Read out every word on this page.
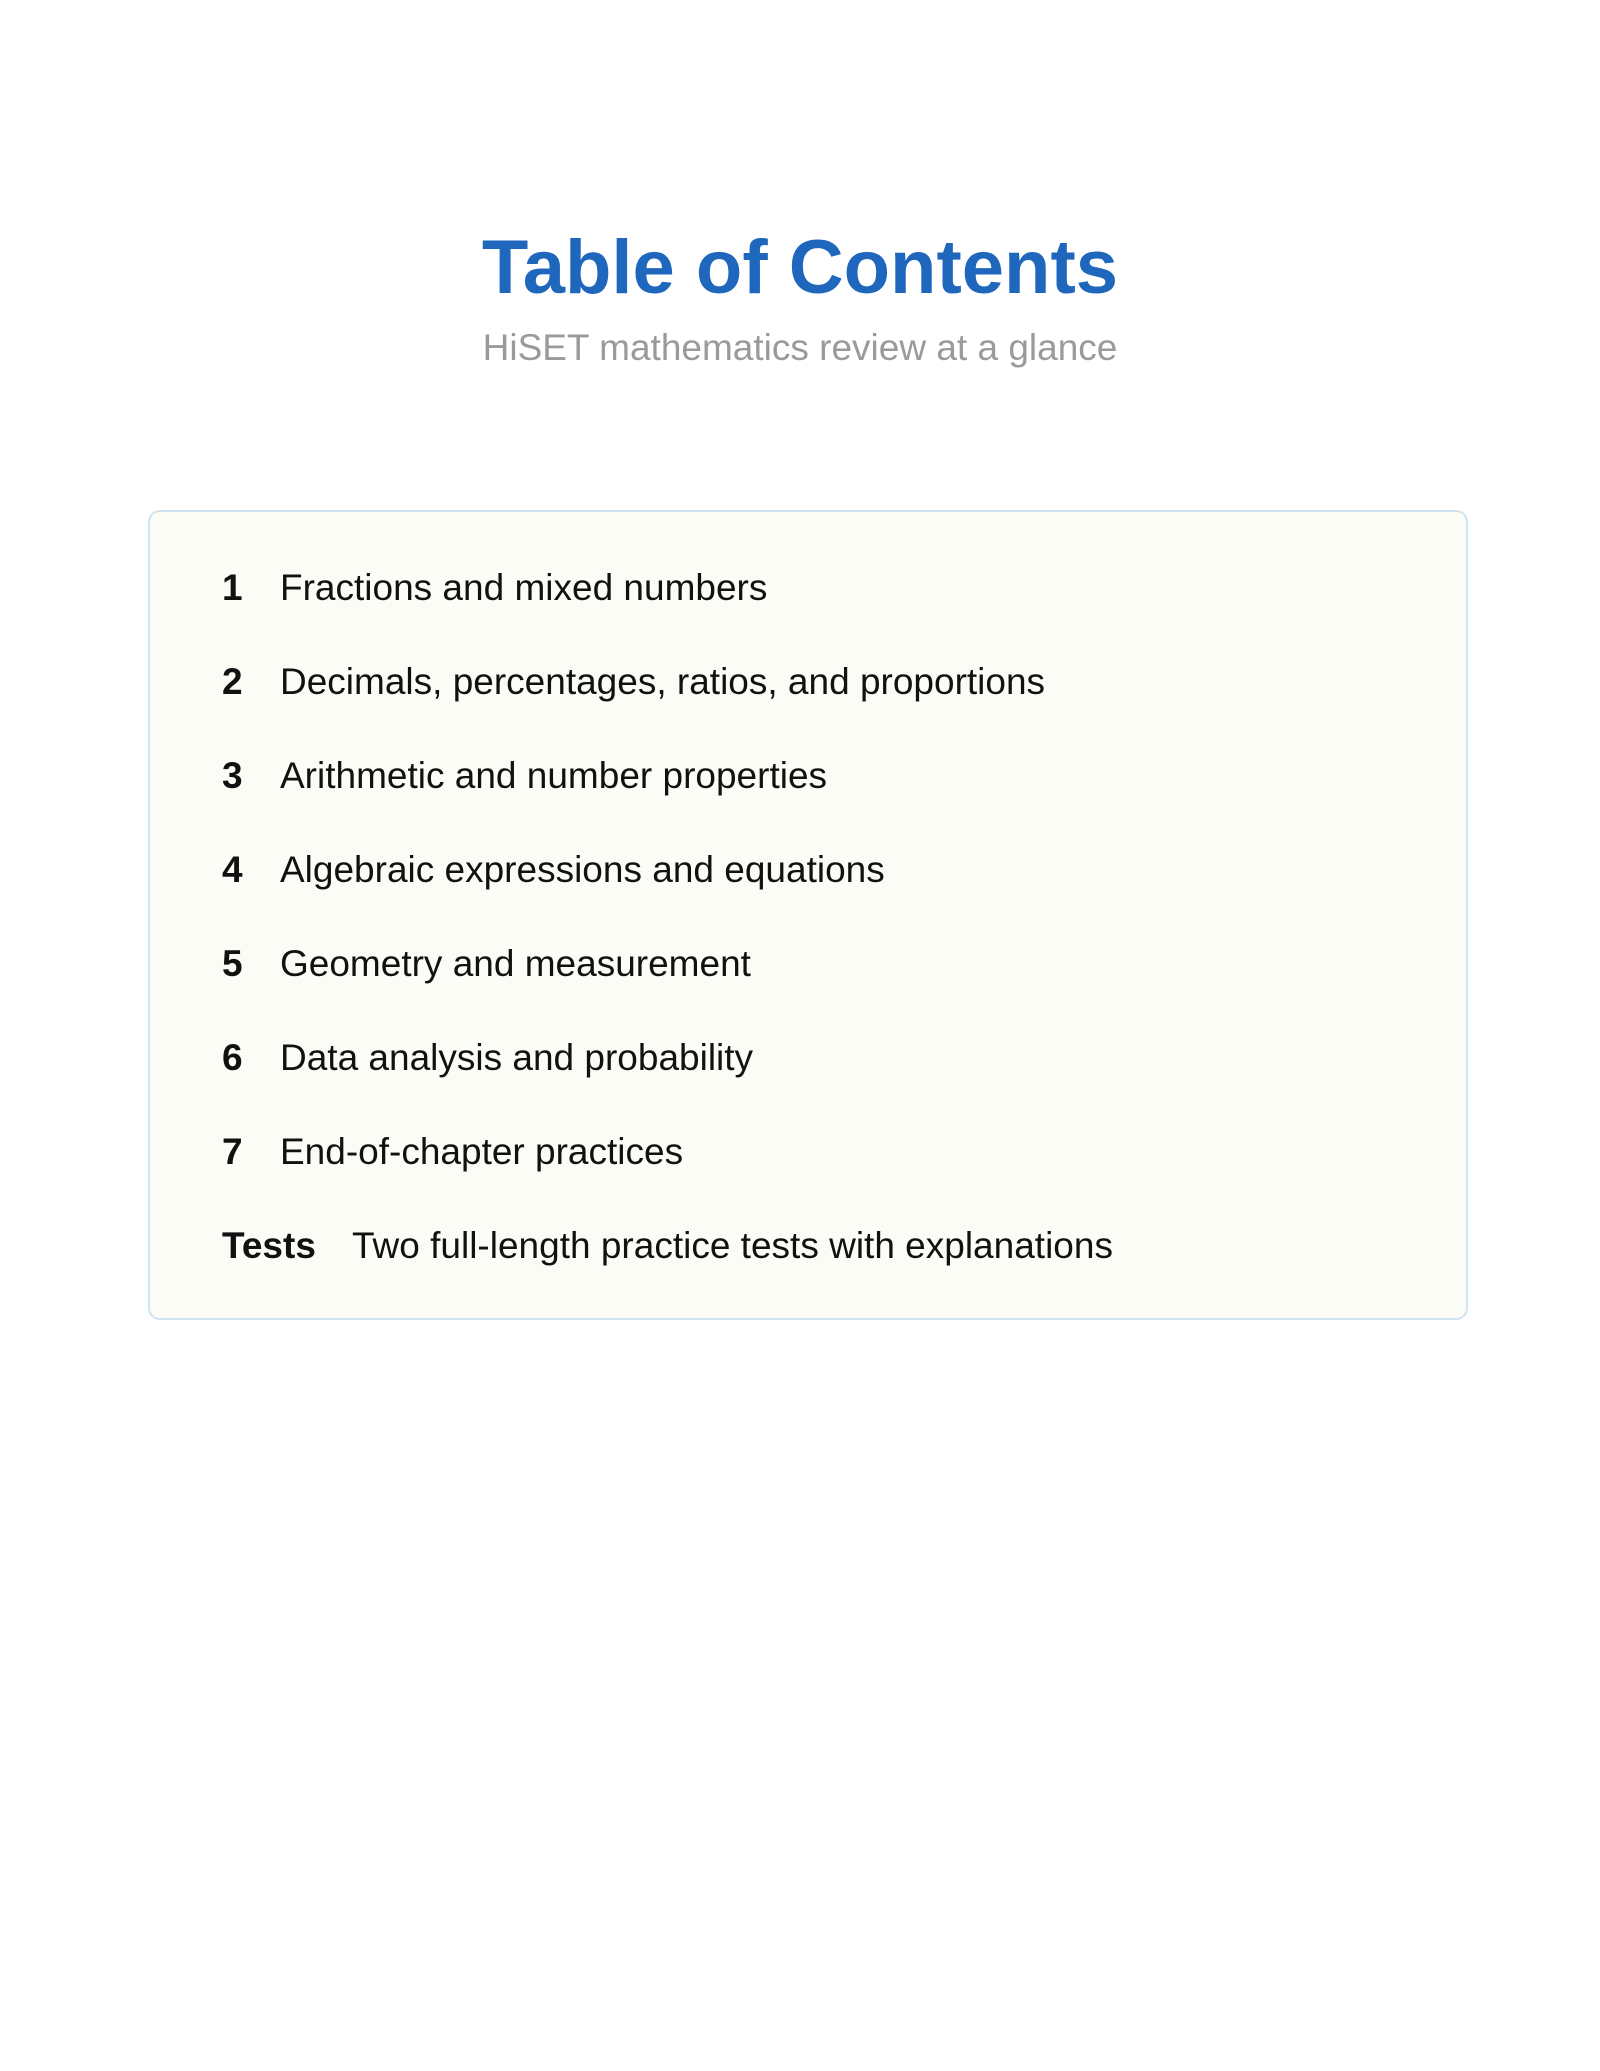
Table of Contents

HiSET mathematics review at a glance

1	Fractions and mixed numbers
2	Decimals, percentages, ratios, and proportions
3	Arithmetic and number properties
4	Algebraic expressions and equations
5	Geometry and measurement
6	Data analysis and probability
7	End-of-chapter practices
Tests Two full-length practice tests with explanations
